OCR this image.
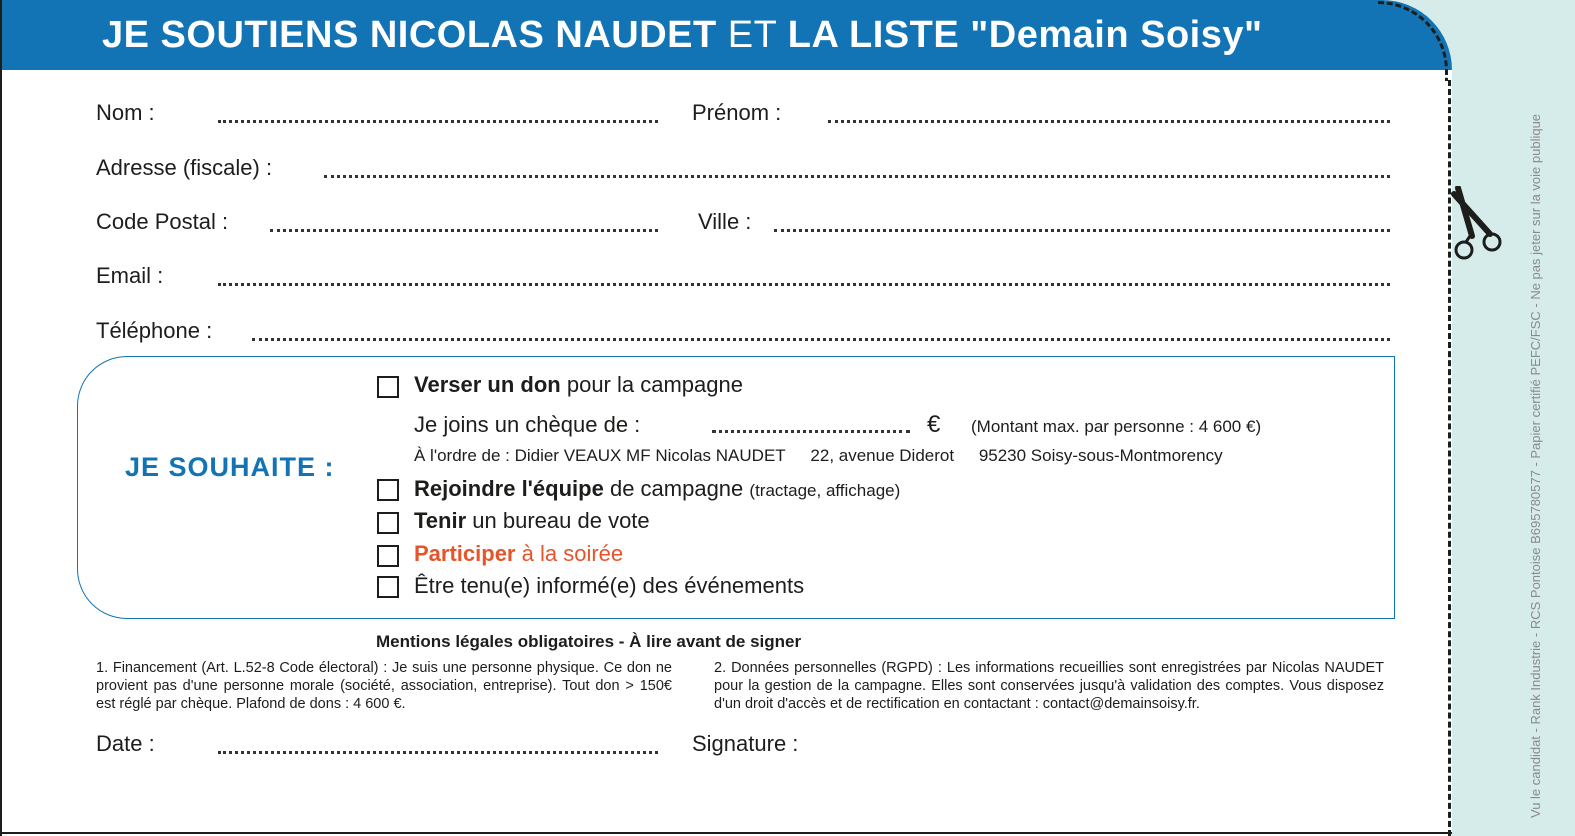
JE SOUTIENS NICOLAS NAUDET ET LA LISTE "Demain Soisy"
Nom :	Prénom :
Adresse (fiscale) :
Code Postal :	Ville :
Email :
Téléphone :
JE SOUHAITE :
Verser un don pour la campagne
Je joins un chèque de :	€ (Montant max. par personne : 4 600 €)
À l'ordre de : Didier VEAUX MF Nicolas NAUDET 22, avenue Diderot 95230 Soisy-sous-Montmorency
Rejoindre l'équipe de campagne (tractage, affichage)
Tenir un bureau de vote
Participer à la soirée
Être tenu(e) informé(e) des événements
Mentions légales obligatoires - À lire avant de signer
1. Financement (Art. L.52-8 Code électoral) : Je suis une personne physique. Ce don ne provient pas d'une personne morale (société, association, entreprise). Tout don > 150€ est réglé par chèque. Plafond de dons : 4 600 €.
2. Données personnelles (RGPD) : Les informations recueillies sont enregistrées par Nicolas NAUDET pour la gestion de la campagne. Elles sont conservées jusqu'à validation des comptes. Vous disposez d'un droit d'accès et de rectification en contactant : contact@demainsoisy.fr.
Date :	Signature :	Vu le candidat - Rank Industrie - RCS Pontoise B695780577 - Papier certifié PEFC/FSC - Ne pas jeter sur la voie publique
